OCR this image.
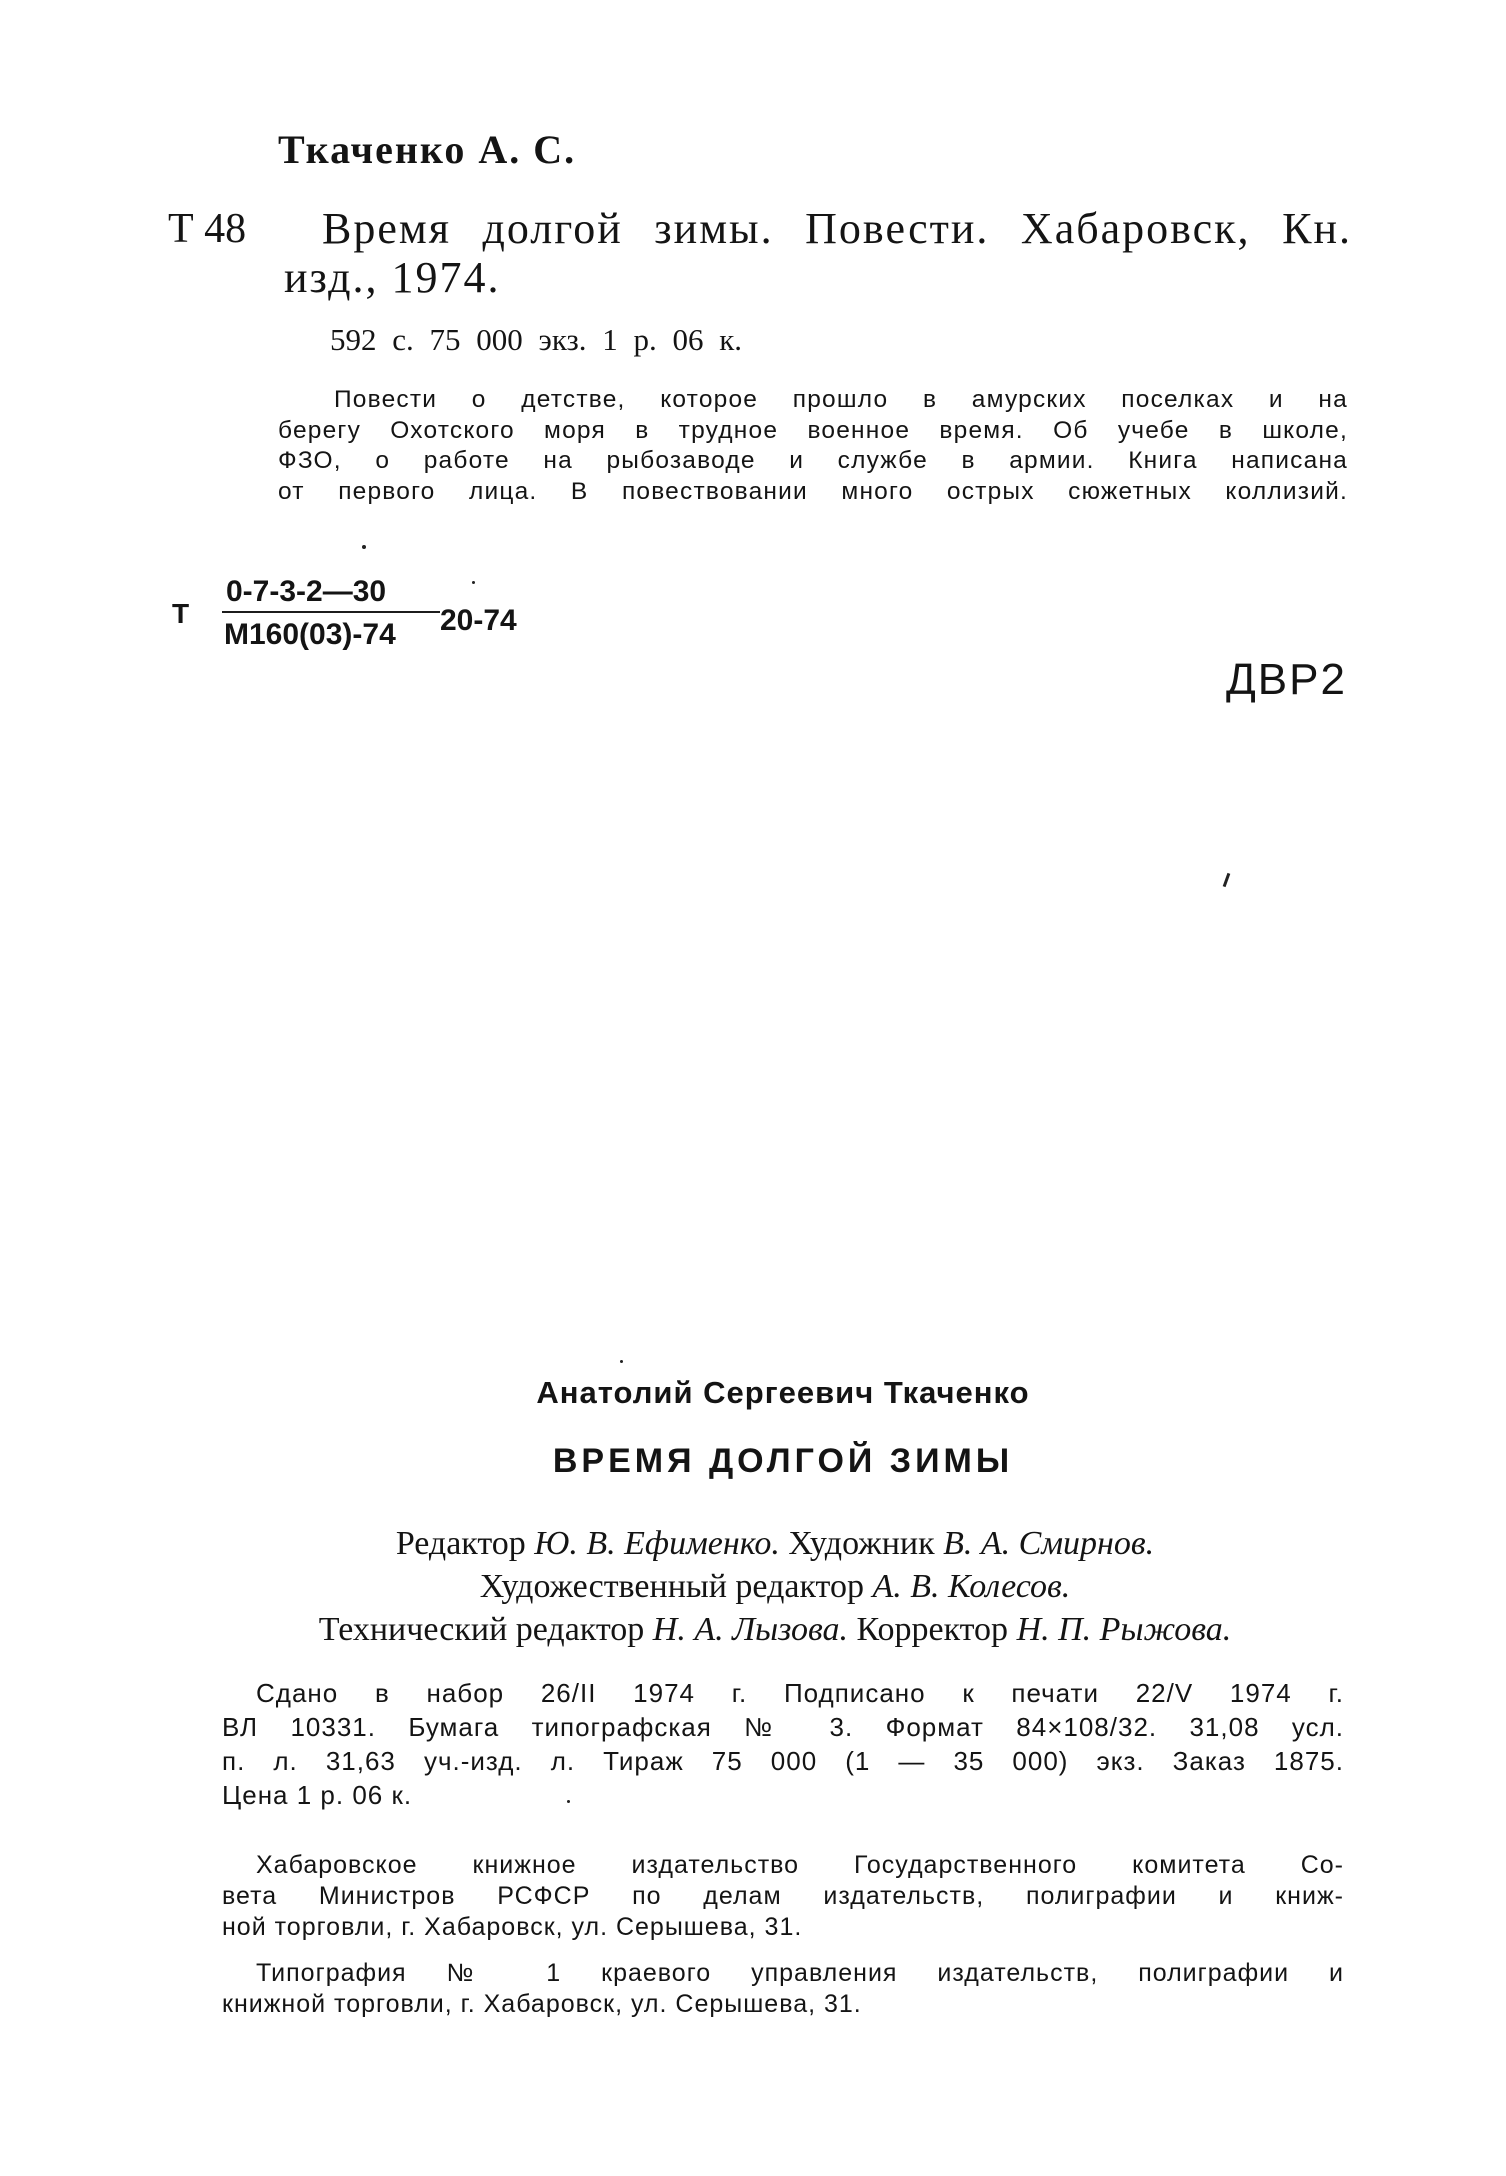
Ткаченко А. С.
Т 48 Время долгой зимы. Повести. Хабаровск, Кн.
изд., 1974.
592 с. 75 000 экз. 1 р. 06 к.
Повести о детстве, которое прошло в амурских поселках и на
берегу Охотского моря в трудное военное время. Об учебе в школе,
ФЗО, о работе на рыбозаводе и службе в армии. Книга написана
от первого лица. В повествовании много острых сюжетных коллизий.
Т
0-7-3-2—30
М160(03)-74 20-74
ДВР2
Анатолий Сергеевич Ткаченко
ВРЕМЯ ДОЛГОЙ ЗИМЫ
Редактор Ю. В. Ефименко. Художник В. А. Смирнов.
Художественный редактор А. В. Колесов.
Технический редактор Н. А. Лызова. Корректор Н. П. Рыжова.
Сдано в набор 26/II 1974 г. Подписано к печати 22/V 1974 г.
ВЛ 10331. Бумага типографская № 3. Формат 84×108/32. 31,08 усл.
п. л. 31,63 уч.-изд. л. Тираж 75 000 (1 — 35 000) экз. Заказ 1875.
Цена 1 р. 06 к.
Хабаровское книжное издательство Государственного комитета Со-
вета Министров РСФСР по делам издательств, полиграфии и книж-
ной торговли, г. Хабаровск, ул. Серышева, 31.
Типография № 1 краевого управления издательств, полиграфии и
книжной торговли, г. Хабаровск, ул. Серышева, 31.
